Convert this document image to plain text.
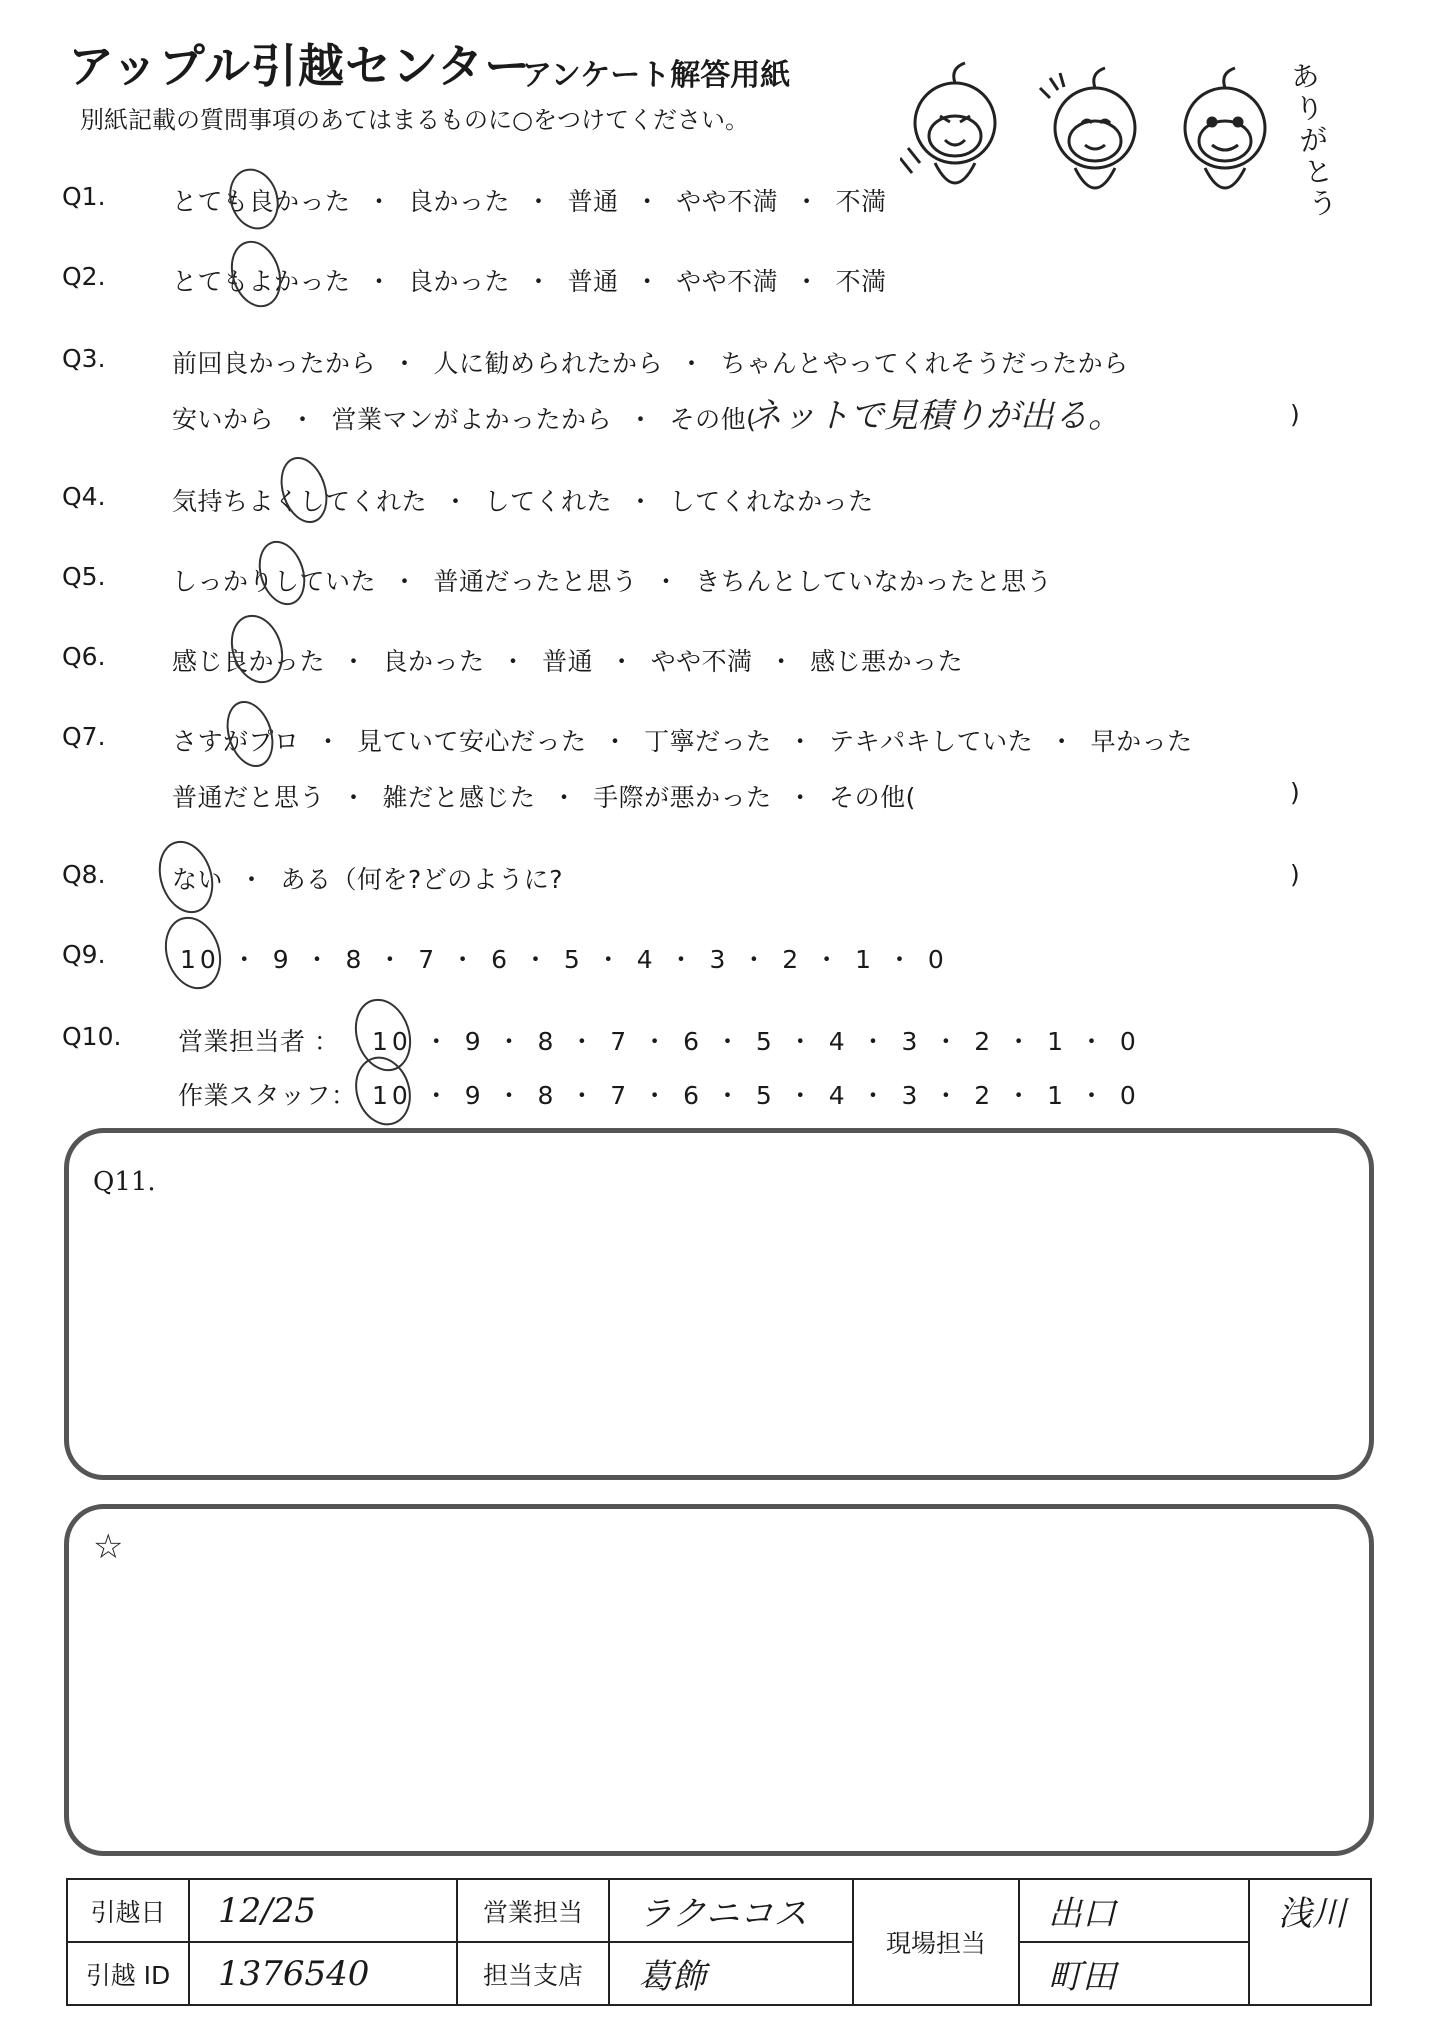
アップル引越センター
アンケート解答用紙
別紙記載の質問事項のあてはまるものに○をつけてください。
ありがとう
Q1.	とても良かった ・ 良かった ・ 普通 ・ やや不満 ・ 不満
Q2.	とてもよかった ・ 良かった ・ 普通 ・ やや不満 ・ 不満
Q3.	前回良かったから ・ 人に勧められたから ・ ちゃんとやってくれそうだったから
安いから ・ 営業マンがよかったから ・ その他(
ネットで見積りが出る。	)
Q4.	気持ちよくしてくれた ・ してくれた ・ してくれなかった
Q5.	しっかりしていた ・ 普通だったと思う ・ きちんとしていなかったと思う
Q6.	感じ良かった ・ 良かった ・ 普通 ・ やや不満 ・ 感じ悪かった
Q7.	さすがプロ ・ 見ていて安心だった ・ 丁寧だった ・ テキパキしていた ・ 早かった
普通だと思う ・ 雑だと感じた ・ 手際が悪かった ・ その他(	)
Q8.	ない ・ ある（何を?どのように?	)
Q9.	10 ・ 9 ・ 8 ・ 7 ・ 6 ・ 5 ・ 4 ・ 3 ・ 2 ・ 1 ・ 0
Q10. 営業担当者 ： 10 ・ 9 ・ 8 ・ 7 ・ 6 ・ 5 ・ 4 ・ 3 ・ 2 ・ 1 ・ 0
作業スタッフ： 10 ・ 9 ・ 8 ・ 7 ・ 6 ・ 5 ・ 4 ・ 3 ・ 2 ・ 1 ・ 0
Q11.
☆
引越日	12/25	営業担当	ラクニコス	現場担当	出口	浅川
引越 ID	1376540	担当支店	葛飾		町田	
